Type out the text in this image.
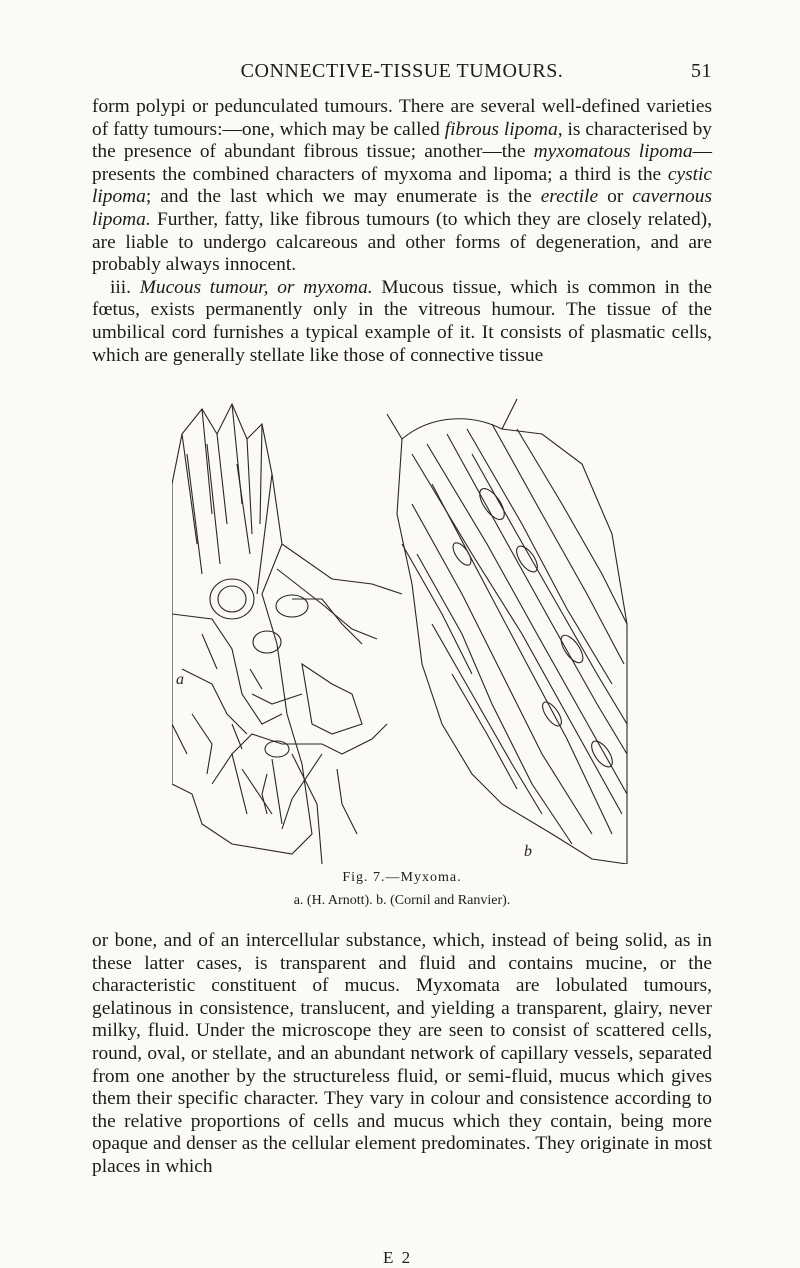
CONNECTIVE-TISSUE TUMOURS.	51

form polypi or pedunculated tumours. There are several well-defined varieties of fatty tumours:—one, which may be called fibrous lipoma, is characterised by the presence of abundant fibrous tissue; another—the myxomatous lipoma—presents the combined characters of myxoma and lipoma; a third is the cystic lipoma; and the last which we may enumerate is the erectile or cavernous lipoma. Further, fatty, like fibrous tumours (to which they are closely related), are liable to undergo calcareous and other forms of degeneration, and are probably always innocent.

iii. Mucous tumour, or myxoma. Mucous tissue, which is common in the fœtus, exists permanently only in the vitreous humour. The tissue of the umbilical cord furnishes a typical example of it. It consists of plasmatic cells, which are generally stellate like those of connective tissue

a
b
Fig. 7.—Myxoma.
a. (H. Arnott). b. (Cornil and Ranvier).

or bone, and of an intercellular substance, which, instead of being solid, as in these latter cases, is transparent and fluid and contains mucine, or the characteristic constituent of mucus. Myxomata are lobulated tumours, gelatinous in consistence, translucent, and yielding a transparent, glairy, never milky, fluid. Under the microscope they are seen to consist of scattered cells, round, oval, or stellate, and an abundant network of capillary vessels, separated from one another by the structureless fluid, or semi-fluid, mucus which gives them their specific character. They vary in colour and consistence according to the relative proportions of cells and mucus which they contain, being more opaque and denser as the cellular element predominates. They originate in most places in which

E 2
